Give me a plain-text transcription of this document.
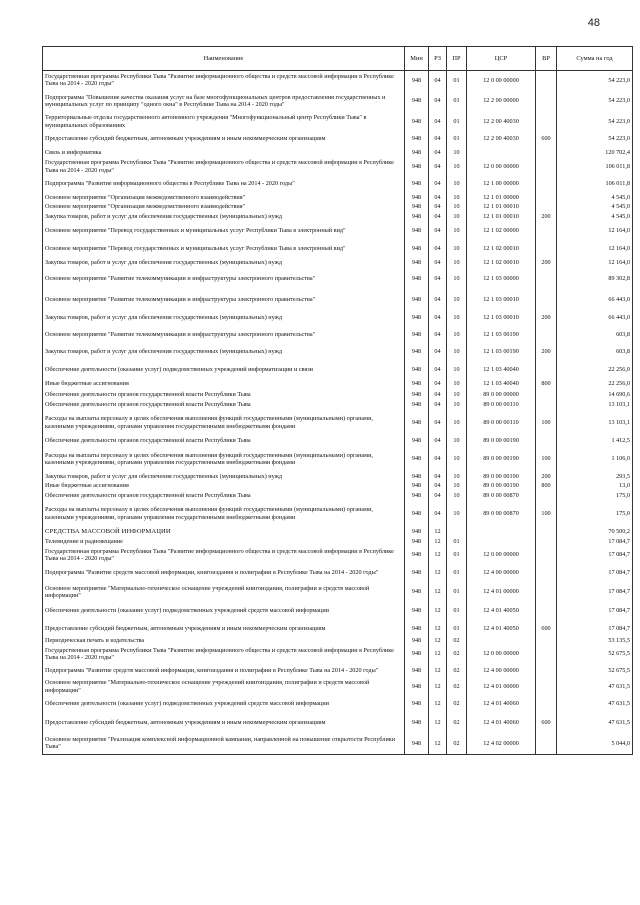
48
Наименование	Мин	РЗ	ПР	ЦСР	ВР	Сумма на год
Государственная программа Республики Тыва "Развитие информационного общества и средств массовой информации в Республике Тыва на 2014 - 2020 годы"	948	04	01	12 0 00 00000		54 223,0
Подпрограмма "Повышение качества оказания услуг на базе многофункциональных центров предоставления государственных и муниципальных услуг по принципу "одного окна" в Республике Тыва на 2014 - 2020 годы"	948	04	01	12 2 00 00000		54 223,0
Территориальные отделы государственного автономного учреждения "Многофункциональный центр Республики Тыва" в муниципальных образованиях	948	04	01	12 2 00 40030		54 223,0
Предоставление субсидий бюджетным, автономным учреждениям и иным некоммерческим организациям	948	04	01	12 2 00 40030	600	54 223,0
Связь и информатика	948	04	10			120 702,4
Государственная программа Республики Тыва "Развитие информационного общества и средств массовой информации в Республике Тыва на 2014 - 2020 годы"	948	04	10	12 0 00 00000		106 011,8
Подпрограмма "Развитие информационного общества в Республике Тыва на 2014 - 2020 годы"	948	04	10	12 1 00 00000		106 011,8
Основное мероприятие "Организация межведомственного взаимодействия"	948	04	10	12 1 01 00000		4 545,0
Основное мероприятие "Организация межведомственного взаимодействия"	948	04	10	12 1 01 00010		4 545,0
Закупка товаров, работ и услуг для обеспечения государственных (муниципальных) нужд	948	04	10	12 1 01 00010	200	4 545,0
Основное мероприятие "Перевод государственных и муниципальных услуг Республики Тыва в электронный вид"	948	04	10	12 1 02 00000		12 164,0
Основное мероприятие "Перевод государственных и муниципальных услуг Республики Тыва в электронный вид"	948	04	10	12 1 02 00010		12 164,0
Закупка товаров, работ и услуг для обеспечения государственных (муниципальных) нужд	948	04	10	12 1 02 00010	200	12 164,0
Основное мероприятие "Развитие телекоммуникации и инфраструктуры электронного правительства"	948	04	10	12 1 03 00000		89 302,8
Основное мероприятие "Развитие телекоммуникации и инфраструктуры электронного правительства"	948	04	10	12 1 03 00010		66 443,0
Закупка товаров, работ и услуг для обеспечения государственных (муниципальных) нужд	948	04	10	12 1 03 00010	200	66 443,0
Основное мероприятие "Развитие телекоммуникации и инфраструктуры электронного правительства"	948	04	10	12 1 03 00190		603,8
Закупка товаров, работ и услуг для обеспечения государственных (муниципальных) нужд	948	04	10	12 1 03 00190	200	603,8
Обеспечение деятельности (оказание услуг) подведомственных учреждений информатизации и связи	948	04	10	12 1 03 40040		22 256,0
Иные бюджетные ассигнования	948	04	10	12 1 03 40040	800	22 256,0
Обеспечение деятельности органов государственной власти Республики Тыва	948	04	10	89 0 00 00000		14 690,6
Обеспечение деятельности органов государственной власти Республики Тыва	948	04	10	89 0 00 00110		13 103,1
Расходы на выплаты персоналу в целях обеспечения выполнения функций государственными (муниципальными) органами, казенными учреждениями, органами управления государственными внебюджетными фондами	948	04	10	89 0 00 00110	100	13 103,1
Обеспечение деятельности органов государственной власти Республики Тыва	948	04	10	89 0 00 00190		1 412,5
Расходы на выплаты персоналу в целях обеспечения выполнения функций государственными (муниципальными) органами, казенными учреждениями, органами управления государственными внебюджетными фондами	948	04	10	89 0 00 00190	100	1 106,0
Закупка товаров, работ и услуг для обеспечения государственных (муниципальных) нужд	948	04	10	89 0 00 00190	200	293,5
Иные бюджетные ассигнования	948	04	10	89 0 00 00190	800	13,0
Обеспечение деятельности органов государственной власти Республики Тыва	948	04	10	89 0 00 00870		175,0
Расходы на выплаты персоналу в целях обеспечения выполнения функций государственными (муниципальными) органами, казенными учреждениями, органами управления государственными внебюджетными фондами	948	04	10	89 0 00 00870	100	175,0
СРЕДСТВА МАССОВОЙ ИНФОРМАЦИИ	948	12				70 500,2
Телевидение и радиовещание	948	12	01			17 084,7
Государственная программа Республики Тыва "Развитие информационного общества и средств массовой информации в Республике Тыва на 2014 - 2020 годы"	948	12	01	12 0 00 00000		17 084,7
Подпрограмма "Развитие средств массовой информации, книгоиздания и полиграфии в Республике Тыва на 2014 - 2020 годы"	948	12	01	12 4 00 00000		17 084,7
Основное мероприятие "Материально-техническое оснащение учреждений книгоиздания, полиграфии и средств массовой информации"	948	12	01	12 4 01 00000		17 084,7
Обеспечение деятельности (оказание услуг) подведомственных учреждений средств массовой информации	948	12	01	12 4 01 40050		17 084,7
Предоставление субсидий бюджетным, автономным учреждениям и иным некоммерческим организациям	948	12	01	12 4 01 40050	600	17 084,7
Периодическая печать и издательства	948	12	02			53 135,5
Государственная программа Республики Тыва "Развитие информационного общества и средств массовой информации в Республике Тыва на 2014 - 2020 годы"	948	12	02	12 0 00 00000		52 675,5
Подпрограмма "Развитие средств массовой информации, книгоиздания и полиграфии в Республике Тыва на 2014 - 2020 годы"	948	12	02	12 4 00 00000		52 675,5
Основное мероприятие "Материально-техническое оснащение учреждений книгоиздания, полиграфии и средств массовой информации"	948	12	02	12 4 01 00000		47 631,5
Обеспечение деятельности (оказание услуг) подведомственных учреждений средств массовой информации	948	12	02	12 4 01 40060		47 631,5
Предоставление субсидий бюджетным, автономным учреждениям и иным некоммерческим организациям	948	12	02	12 4 01 40060	600	47 631,5
Основное мероприятие "Реализация комплексной информационной кампании, направленной на повышение открытости Республики Тыва"	948	12	02	12 4 02 00000		5 044,0
